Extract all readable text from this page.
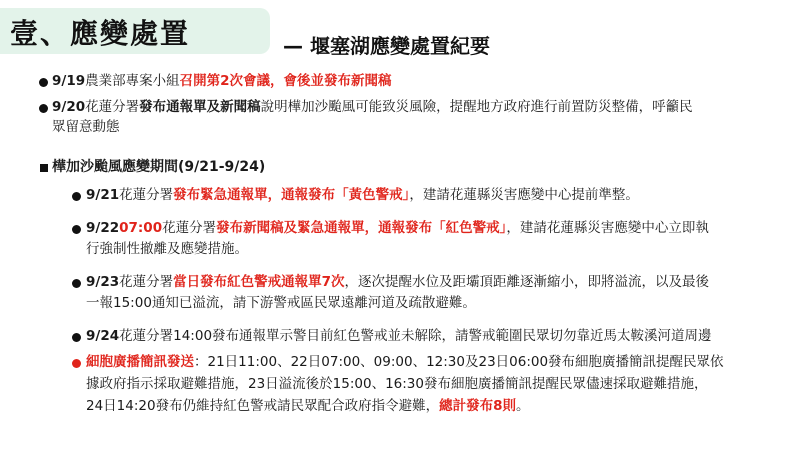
壹、應變處置	— 堰塞湖應變處置紀要
9/19農業部專案小組召開第2次會議，會後並發布新聞稿
9/20花蓮分署發布通報單及新聞稿說明樺加沙颱風可能致災風險，提醒地方政府進行前置防災整備，呼籲民
眾留意動態
樺加沙颱風應變期間(9/21-9/24)
9/21花蓮分署發布緊急通報單，通報發布「黃色警戒」，建請花蓮縣災害應變中心提前準整。
9/2207:00花蓮分署發布新聞稿及緊急通報單，通報發布「紅色警戒」，建請花蓮縣災害應變中心立即執
行強制性撤離及應變措施。
9/23花蓮分署當日發布紅色警戒通報單7次，逐次提醒水位及距壩頂距離逐漸縮小，即將溢流，以及最後
一報15:00通知已溢流，請下游警戒區民眾遠離河道及疏散避難。
9/24花蓮分署14:00發布通報單示警目前紅色警戒並未解除，請警戒範圍民眾切勿靠近馬太鞍溪河道周邊
細胞廣播簡訊發送：21日11:00、22日07:00、09:00、12:30及23日06:00發布細胞廣播簡訊提醒民眾依
據政府指示採取避難措施，23日溢流後於15:00、16:30發布細胞廣播簡訊提醒民眾儘速採取避難措施，
24日14:20發布仍維持紅色警戒請民眾配合政府指令避難，總計發布8則。
